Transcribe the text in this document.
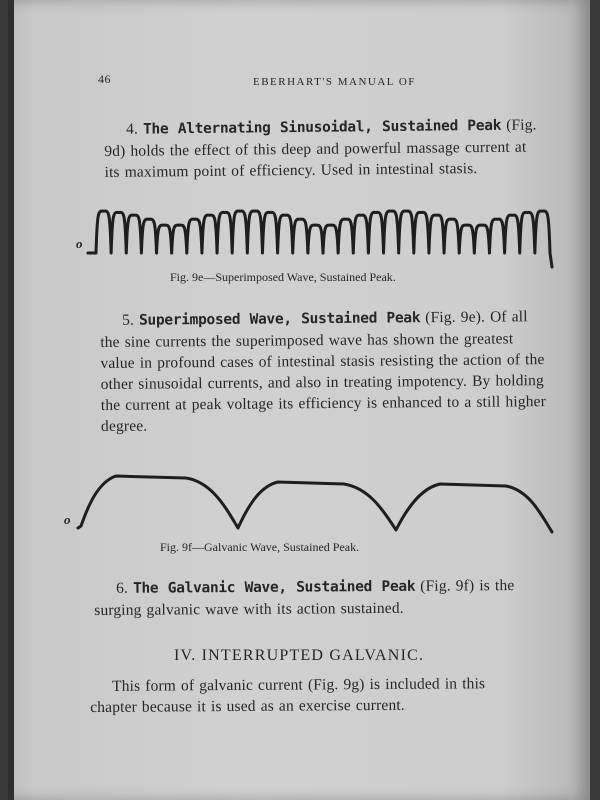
46	EBERHART'S MANUAL OF

4. The Alternating Sinusoidal, Sustained Peak (Fig. 9d) holds the effect of this deep and powerful massage current at its maximum point of efficiency. Used in intestinal stasis.

o
Fig. 9e—Superimposed Wave, Sustained Peak.

5. Superimposed Wave, Sustained Peak (Fig. 9e). Of all the sine currents the superimposed wave has shown the greatest value in profound cases of intestinal stasis resisting the action of the other sinusoidal currents, and also in treating impotency. By holding the current at peak voltage its efficiency is enhanced to a still higher degree.

o
Fig. 9f—Galvanic Wave, Sustained Peak.

6. The Galvanic Wave, Sustained Peak (Fig. 9f) is the surging galvanic wave with its action sustained.

IV. INTERRUPTED GALVANIC.

This form of galvanic current (Fig. 9g) is included in this chapter because it is used as an exercise current.
